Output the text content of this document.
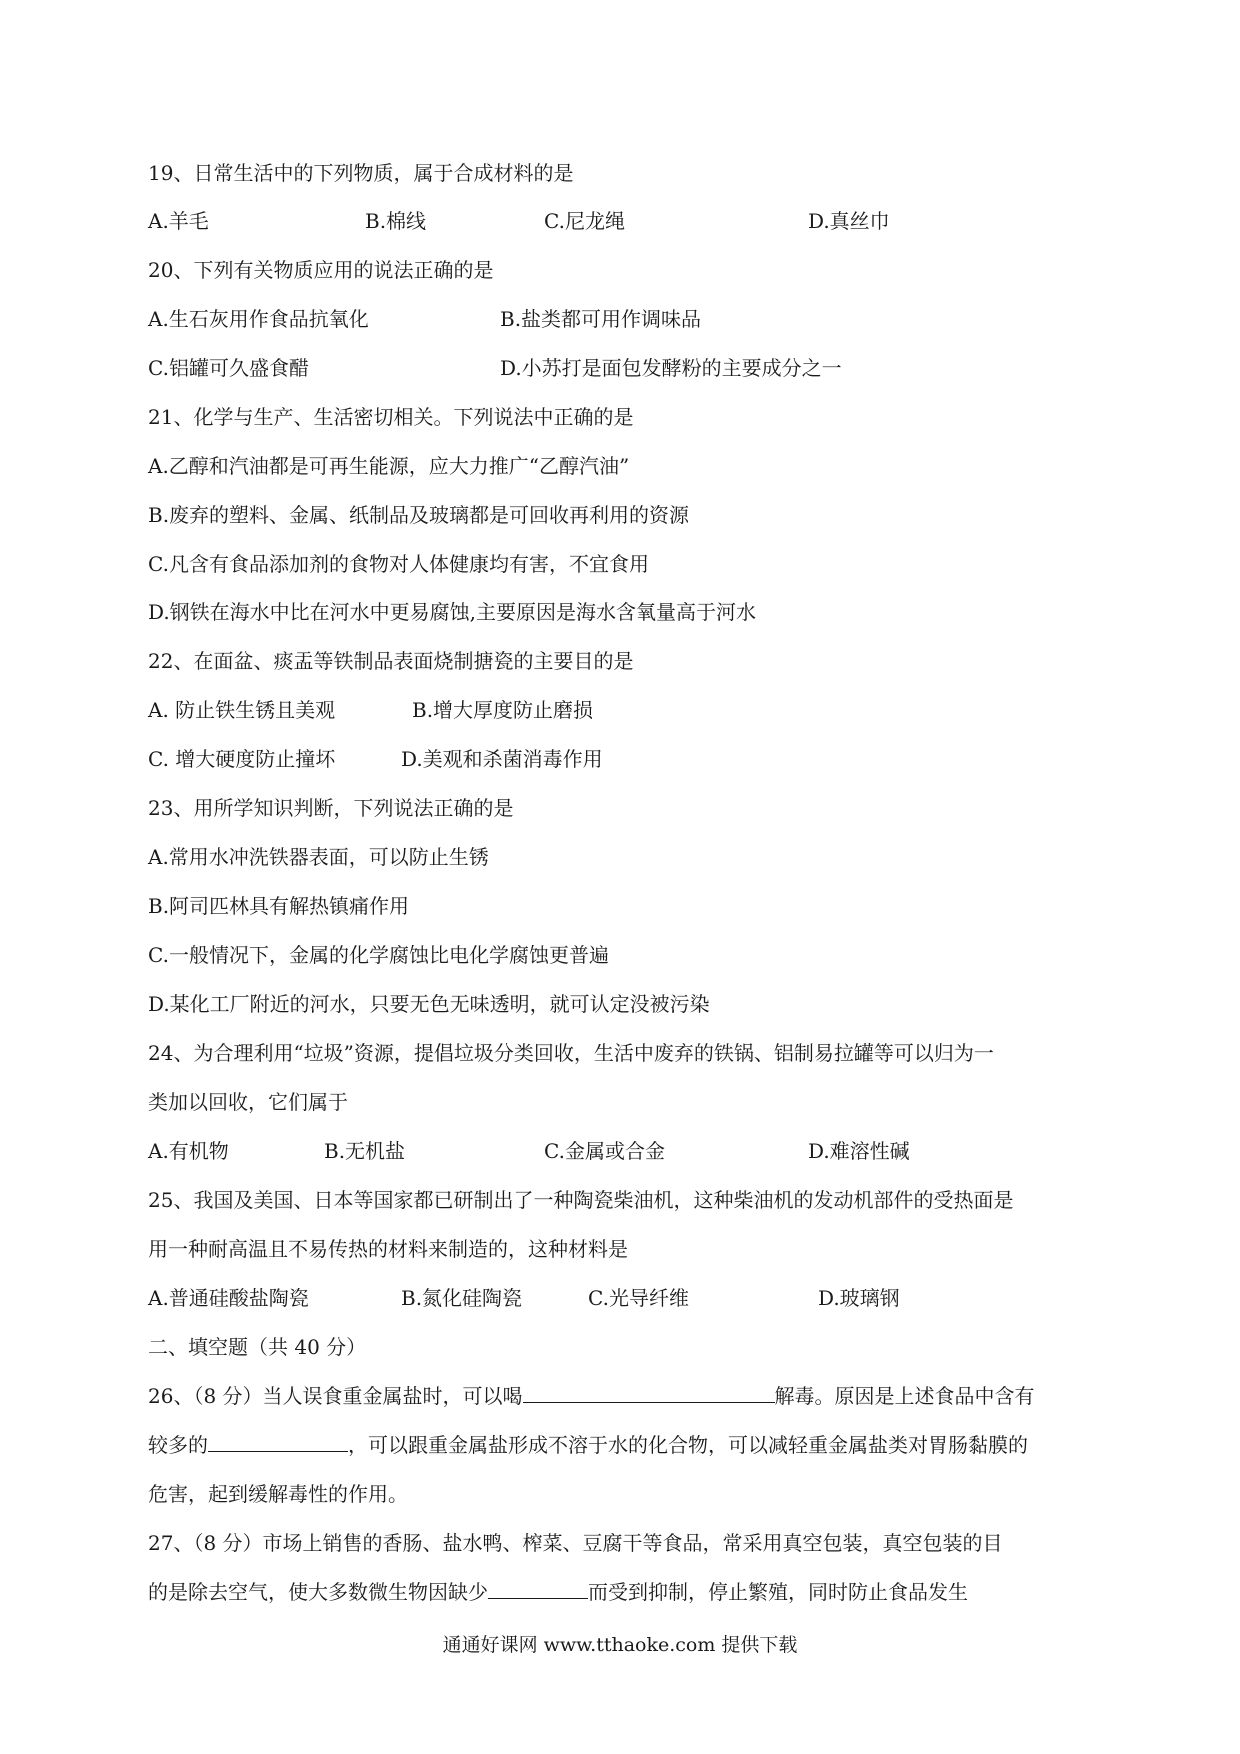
19、日常生活中的下列物质，属于合成材料的是
A.羊毛	B.棉线	C.尼龙绳	D.真丝巾
20、下列有关物质应用的说法正确的是
A.生石灰用作食品抗氧化	B.盐类都可用作调味品
C.铝罐可久盛食醋	D.小苏打是面包发酵粉的主要成分之一
21、化学与生产、生活密切相关。下列说法中正确的是
A.乙醇和汽油都是可再生能源，应大力推广“乙醇汽油”
B.废弃的塑料、金属、纸制品及玻璃都是可回收再利用的资源
C.凡含有食品添加剂的食物对人体健康均有害，不宜食用
D.钢铁在海水中比在河水中更易腐蚀,主要原因是海水含氧量高于河水
22、在面盆、痰盂等铁制品表面烧制搪瓷的主要目的是
A. 防止铁生锈且美观	B.增大厚度防止磨损
C. 增大硬度防止撞坏	D.美观和杀菌消毒作用
23、用所学知识判断，下列说法正确的是
A.常用水冲洗铁器表面，可以防止生锈
B.阿司匹林具有解热镇痛作用
C.一般情况下，金属的化学腐蚀比电化学腐蚀更普遍
D.某化工厂附近的河水，只要无色无味透明，就可认定没被污染
24、为合理利用“垃圾”资源，提倡垃圾分类回收，生活中废弃的铁锅、铝制易拉罐等可以归为一
类加以回收，它们属于
A.有机物	B.无机盐	C.金属或合金	D.难溶性碱
25、我国及美国、日本等国家都已研制出了一种陶瓷柴油机，这种柴油机的发动机部件的受热面是
用一种耐高温且不易传热的材料来制造的，这种材料是
A.普通硅酸盐陶瓷	B.氮化硅陶瓷	C.光导纤维	D.玻璃钢
二、填空题（共 40 分）
26、（8 分）当人误食重金属盐时，可以喝	解毒。原因是上述食品中含有
较多的	，可以跟重金属盐形成不溶于水的化合物，可以减轻重金属盐类对胃肠黏膜的
危害，起到缓解毒性的作用。
27、（8 分）市场上销售的香肠、盐水鸭、榨菜、豆腐干等食品，常采用真空包装，真空包装的目
的是除去空气，使大多数微生物因缺少	而受到抑制，停止繁殖，同时防止食品发生
通通好课网 www.tthaoke.com 提供下载
